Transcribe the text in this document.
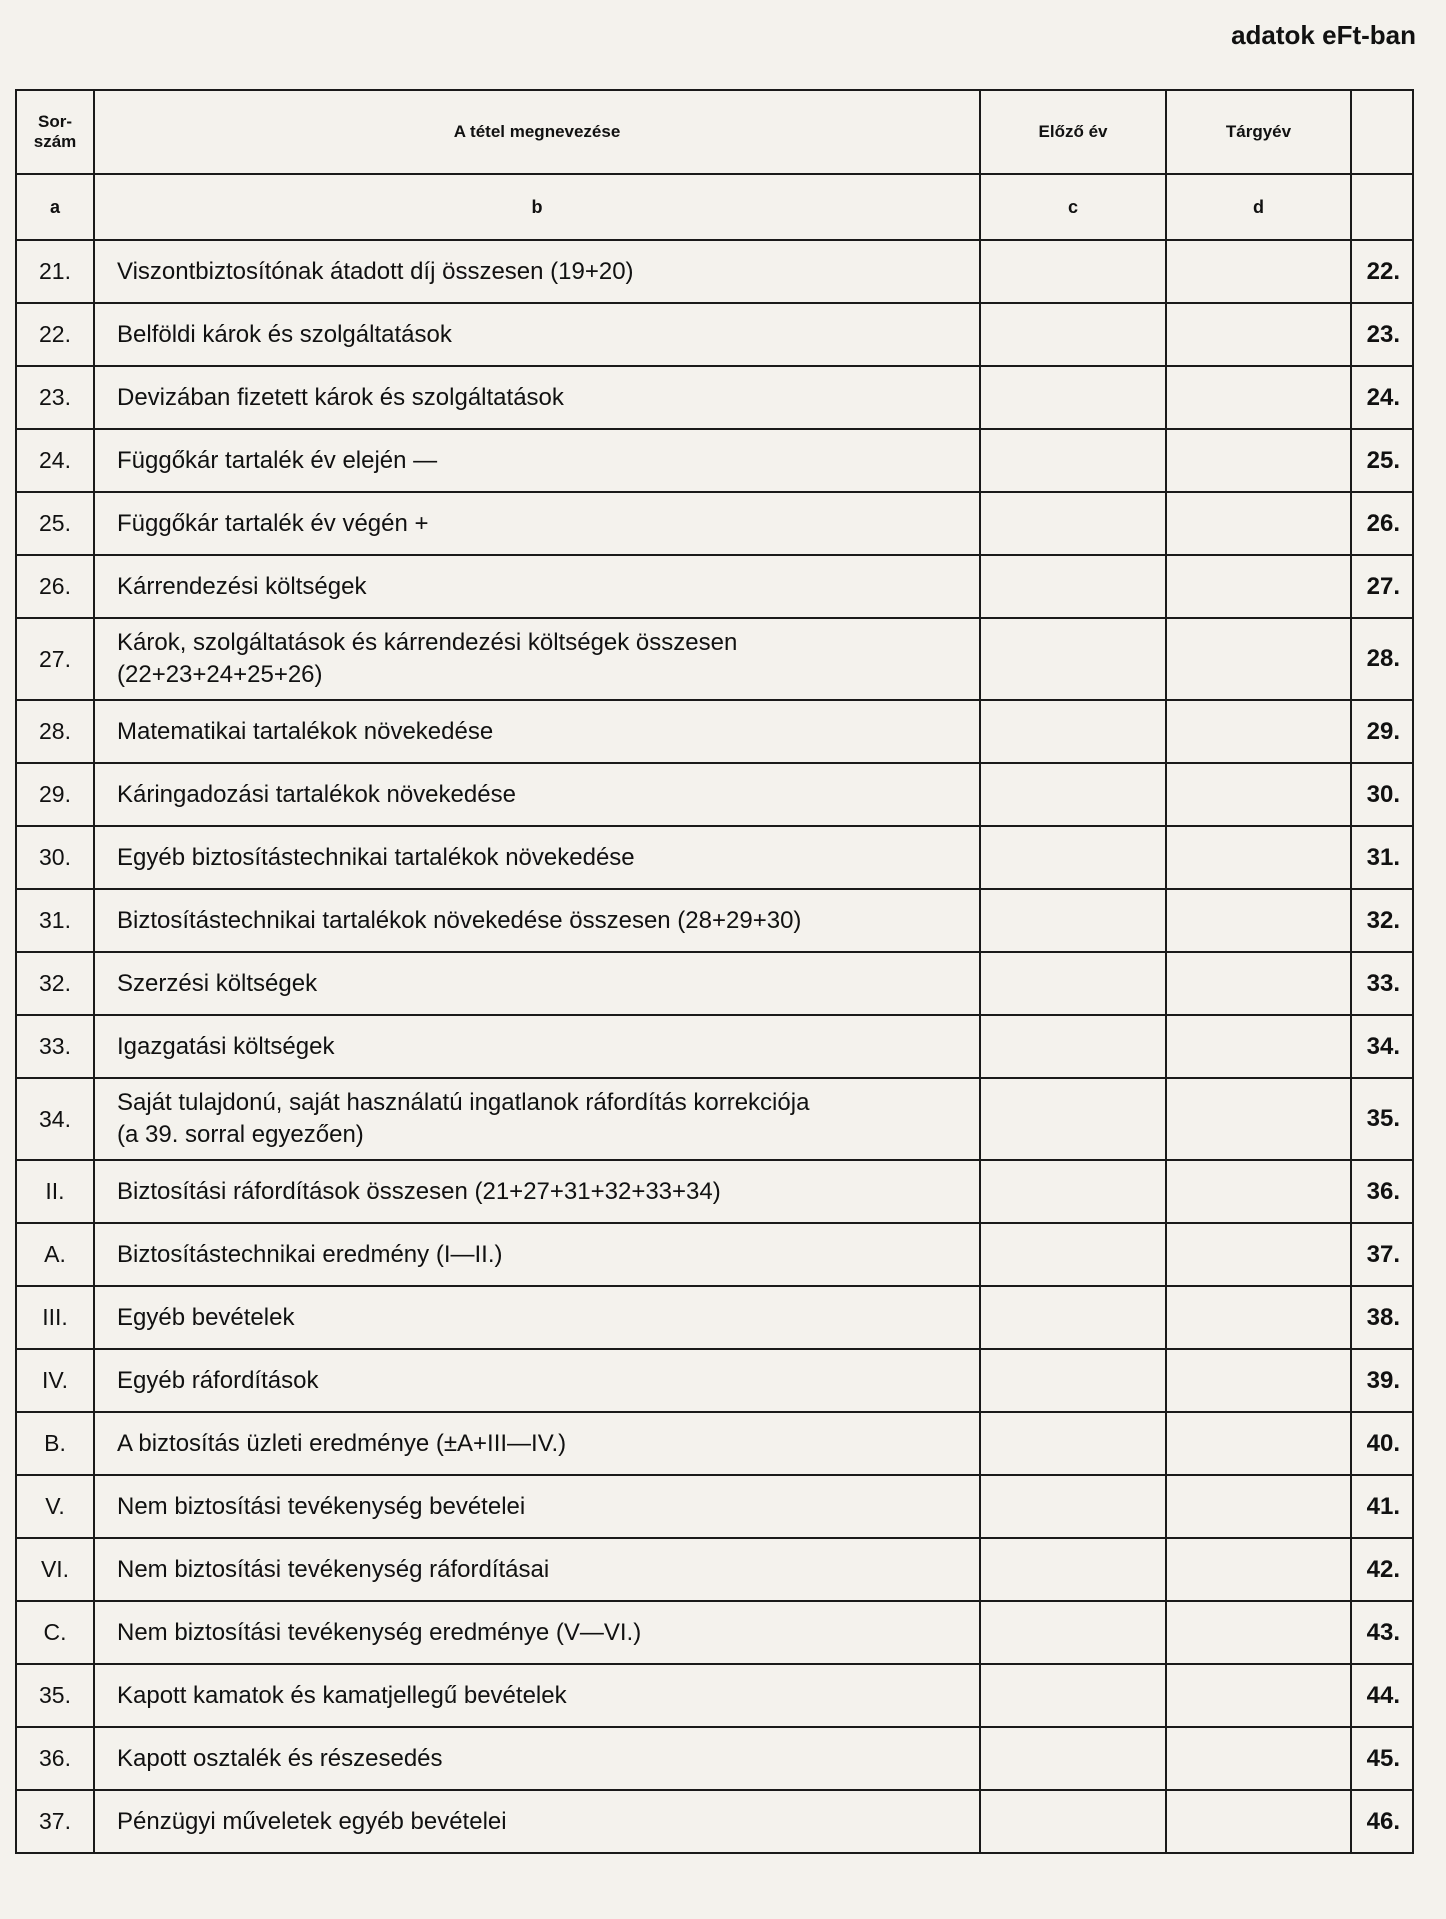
adatok eFt-ban
Sor-
szám	A tétel megnevezése	Előző év	Tárgyév		
a	b	c	d		
21.	Viszontbiztosítónak átadott díj összesen (19+20)				22.
22.	Belföldi károk és szolgáltatások				23.
23.	Devizában fizetett károk és szolgáltatások				24.
24.	Függőkár tartalék év elején —				25.
25.	Függőkár tartalék év végén +				26.
26.	Kárrendezési költségek				27.
27.	Károk, szolgáltatások és kárrendezési költségek összesen
(22+23+24+25+26)				28.
28.	Matematikai tartalékok növekedése				29.
29.	Káringadozási tartalékok növekedése				30.
30.	Egyéb biztosítástechnikai tartalékok növekedése				31.
31.	Biztosítástechnikai tartalékok növekedése összesen (28+29+30)				32.
32.	Szerzési költségek				33.
33.	Igazgatási költségek				34.
34.	Saját tulajdonú, saját használatú ingatlanok ráfordítás korrekciója
(a 39. sorral egyezően)				35.
II.	Biztosítási ráfordítások összesen (21+27+31+32+33+34)				36.
A.	Biztosítástechnikai eredmény (I—II.)				37.
III.	Egyéb bevételek				38.
IV.	Egyéb ráfordítások				39.
B.	A biztosítás üzleti eredménye (±A+III—IV.)				40.
V.	Nem biztosítási tevékenység bevételei				41.
VI.	Nem biztosítási tevékenység ráfordításai				42.
C.	Nem biztosítási tevékenység eredménye (V—VI.)				43.
35.	Kapott kamatok és kamatjellegű bevételek				44.
36.	Kapott osztalék és részesedés				45.
37.	Pénzügyi műveletek egyéb bevételei				46.
